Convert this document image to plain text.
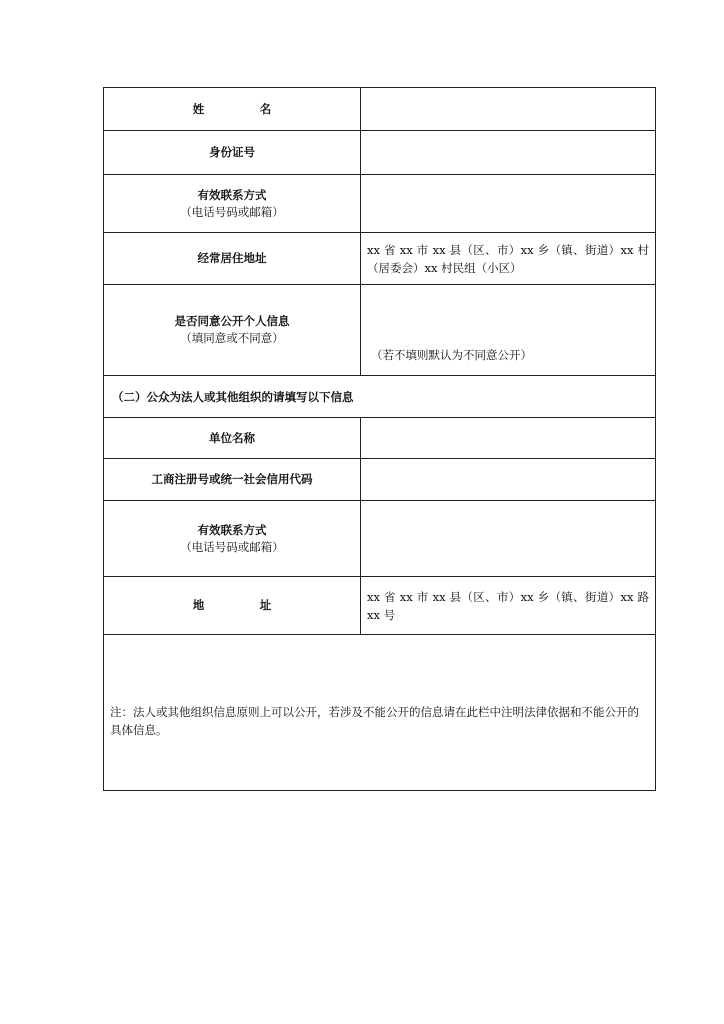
姓　名	
身份证号	
有效联系方式
（电话号码或邮箱）	

经常居住地址	xx 省 xx 市 xx 县（区、市）xx 乡（镇、街道）xx 村（居委会）xx 村民组（小区）
是否同意公开个人信息
（填同意或不同意）	（若不填则默认为不同意公开）
（二）公众为法人或其他组织的请填写以下信息	
单位名称	
工商注册号或统一社会信用代码	
有效联系方式
（电话号码或邮箱）	

地　址	xx 省 xx 市 xx 县（区、市）xx 乡（镇、街道）xx 路 xx 号
注：法人或其他组织信息原则上可以公开，若涉及不能公开的信息请在此栏中注明法律依据和不能公开的具体信息。	
